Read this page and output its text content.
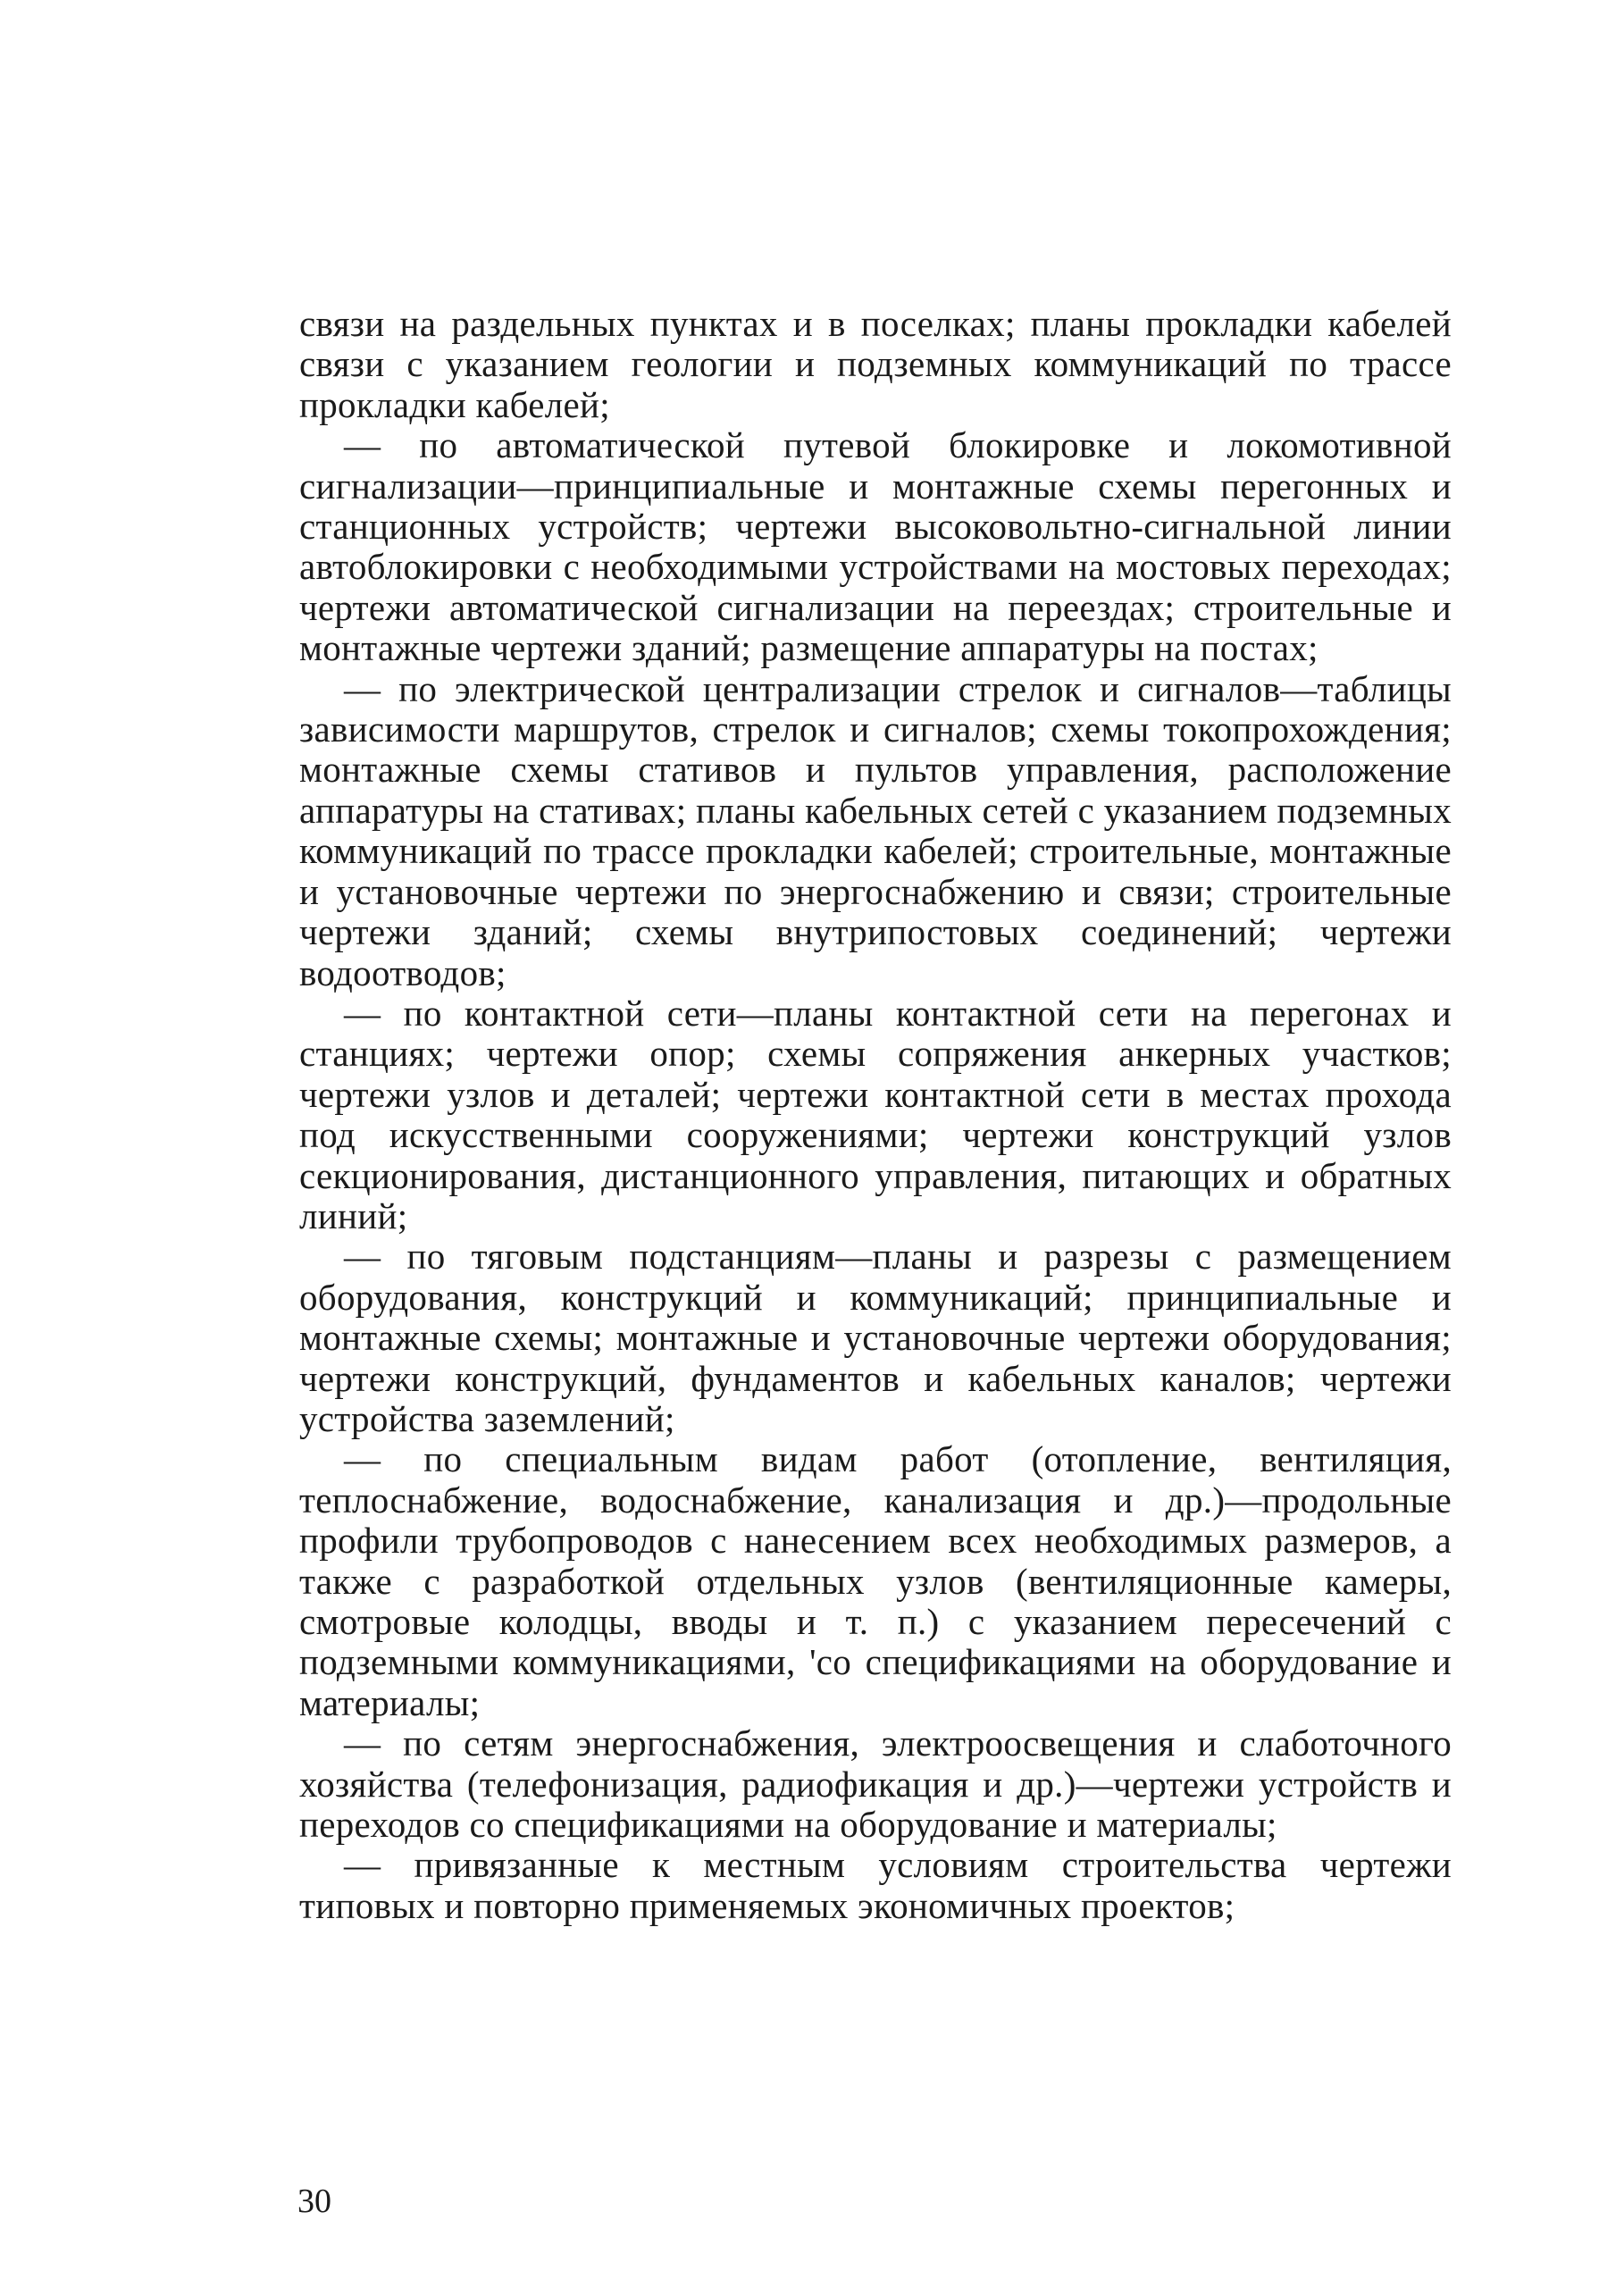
связи на раздельных пунктах и в поселках; планы прокладки кабелей связи с указанием геологии и подземных коммуникаций по трассе прокладки кабелей;

— по автоматической путевой блокировке и локомотивной сигнализации—принципиальные и монтажные схемы перегонных и станционных устройств; чертежи высоковольтно-сигнальной линии автоблокировки с необходимыми устройствами на мостовых переходах; чертежи автоматической сигнализации на переездах; строительные и монтажные чертежи зданий; размещение аппаратуры на постах;

— по электрической централизации стрелок и сигналов—таблицы зависимости маршрутов, стрелок и сигналов; схемы токопрохождения; монтажные схемы стативов и пультов управления, расположение аппаратуры на стативах; планы кабельных сетей с указанием подземных коммуникаций по трассе прокладки кабелей; строительные, монтажные и установочные чертежи по энергоснабжению и связи; строительные чертежи зданий; схемы внутрипостовых соединений; чертежи водоотводов;

— по контактной сети—планы контактной сети на перегонах и станциях; чертежи опор; схемы сопряжения анкерных участков; чертежи узлов и деталей; чертежи контактной сети в местах прохода под искусственными сооружениями; чертежи конструкций узлов секционирования, дистанционного управления, питающих и обратных линий;

— по тяговым подстанциям—планы и разрезы с размещением оборудования, конструкций и коммуникаций; принципиальные и монтажные схемы; монтажные и установочные чертежи оборудования; чертежи конструкций, фундаментов и кабельных каналов; чертежи устройства заземлений;

— по специальным видам работ (отопление, вентиляция, теплоснабжение, водоснабжение, канализация и др.)—продольные профили трубопроводов с нанесением всех необходимых размеров, а также с разработкой отдельных узлов (вентиляционные камеры, смотровые колодцы, вводы и т. п.) с указанием пересечений с подземными коммуникациями, 'со спецификациями на оборудование и материалы;

— по сетям энергоснабжения, электроосвещения и слаботочного хозяйства (телефонизация, радиофикация и др.)—чертежи устройств и переходов со спецификациями на оборудование и материалы;

— привязанные к местным условиям строительства чертежи типовых и повторно применяемых экономичных проектов;

30
